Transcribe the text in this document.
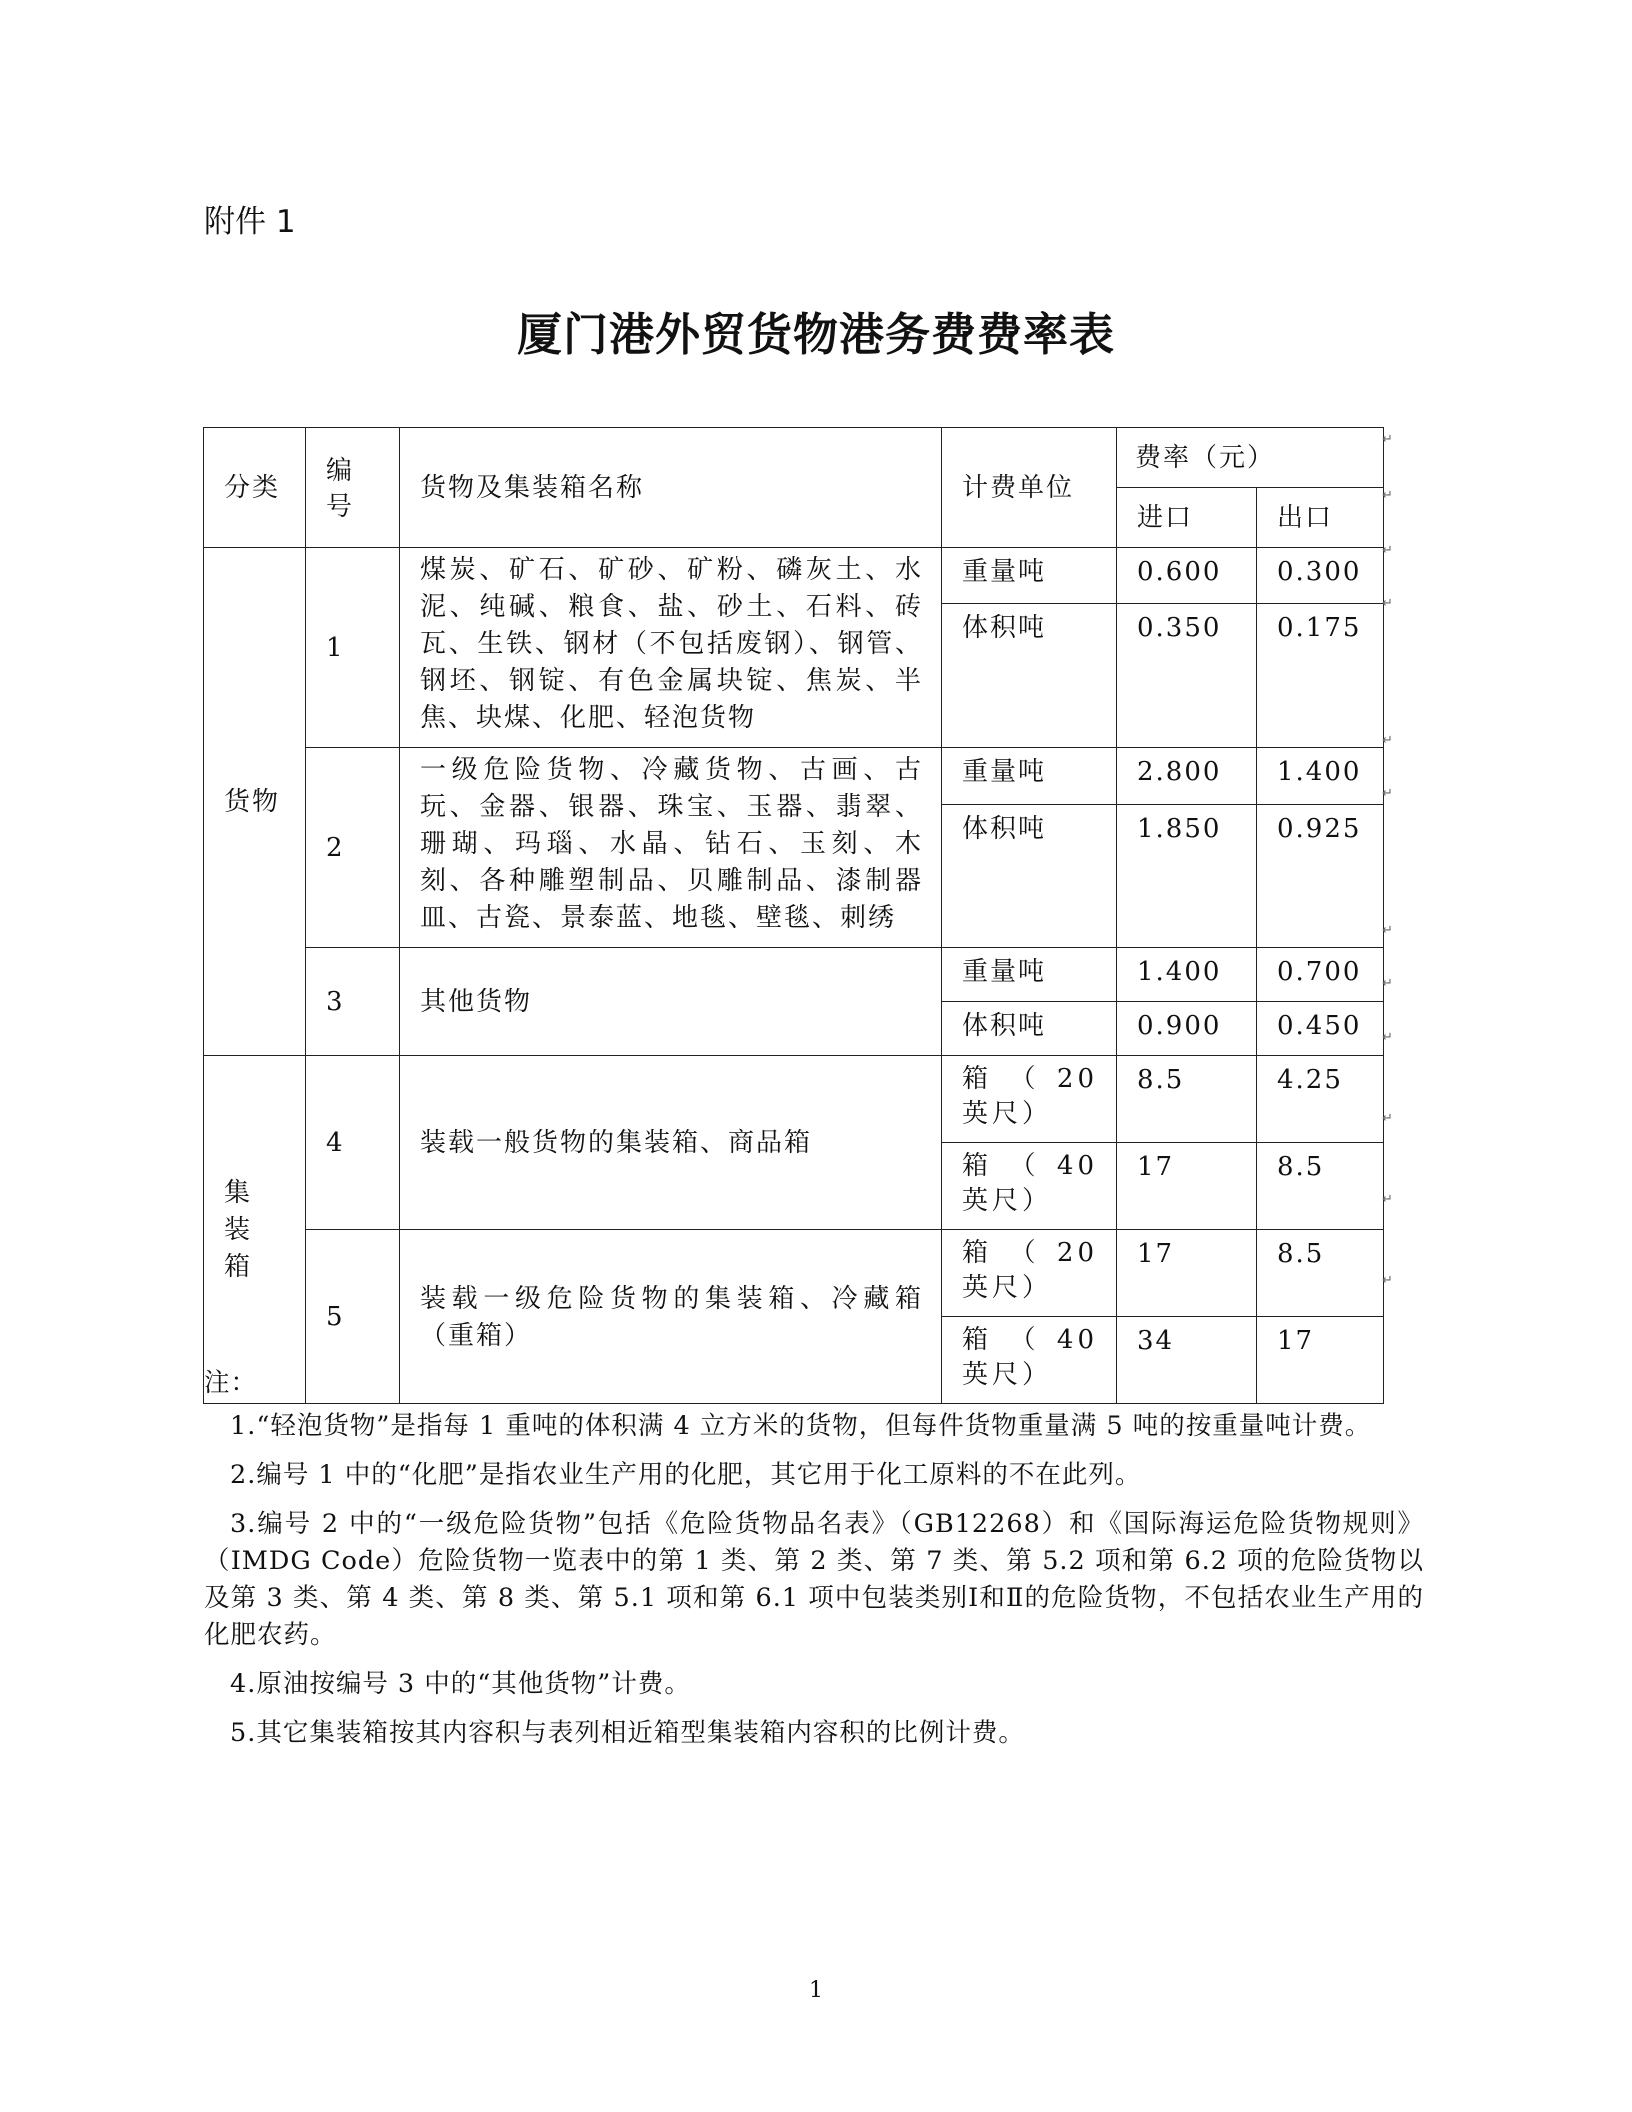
附件 1
厦门港外贸货物港务费费率表
分类	编号	货物及集装箱名称	计费单位	费率（元）	

				进口	出口

货物	1	煤炭、矿石、矿砂、矿粉、磷灰土、水泥、纯碱、粮食、盐、砂土、石料、砖瓦、生铁、钢材（不包括废钢）、钢管、钢坯、钢锭、有色金属块锭、焦炭、半焦、块煤、化肥、轻泡货物	重量吨	0.600	0.300

			体积吨	0.350	0.175

	2	一级危险货物、冷藏货物、古画、古玩、金器、银器、珠宝、玉器、翡翠、珊瑚、玛瑙、水晶、钻石、玉刻、木刻、各种雕塑制品、贝雕制品、漆制器皿、古瓷、景泰蓝、地毯、壁毯、刺绣	重量吨	2.800	1.400

			体积吨	1.850	0.925

	3	其他货物	重量吨	1.400	0.700

			体积吨	0.900	0.450

集 装 箱	4	装载一般货物的集装箱、商品箱	箱（20 英尺）	8.5	4.25

			箱（40 英尺）	17	8.5

	5	装载一级危险货物的集装箱、冷藏箱（重箱）	箱（20 英尺）	17	8.5

			箱（40 英尺）	34	17
↵
↵
↵
↵
↵
↵
↵
↵
↵
↵
↵
↵
注：
1.“轻泡货物”是指每 1 重吨的体积满 4 立方米的货物，但每件货物重量满 5 吨的按重量吨计费。
2.编号 1 中的“化肥”是指农业生产用的化肥，其它用于化工原料的不在此列。
3.编号 2 中的“一级危险货物”包括《危险货物品名表》（GB12268）和《国际海运危险货物规则》（IMDG Code）危险货物一览表中的第 1 类、第 2 类、第 7 类、第 5.2 项和第 6.2 项的危险货物以及第 3 类、第 4 类、第 8 类、第 5.1 项和第 6.1 项中包装类别Ⅰ和Ⅱ的危险货物，不包括农业生产用的化肥农药。
4.原油按编号 3 中的“其他货物”计费。
5.其它集装箱按其内容积与表列相近箱型集装箱内容积的比例计费。
1
